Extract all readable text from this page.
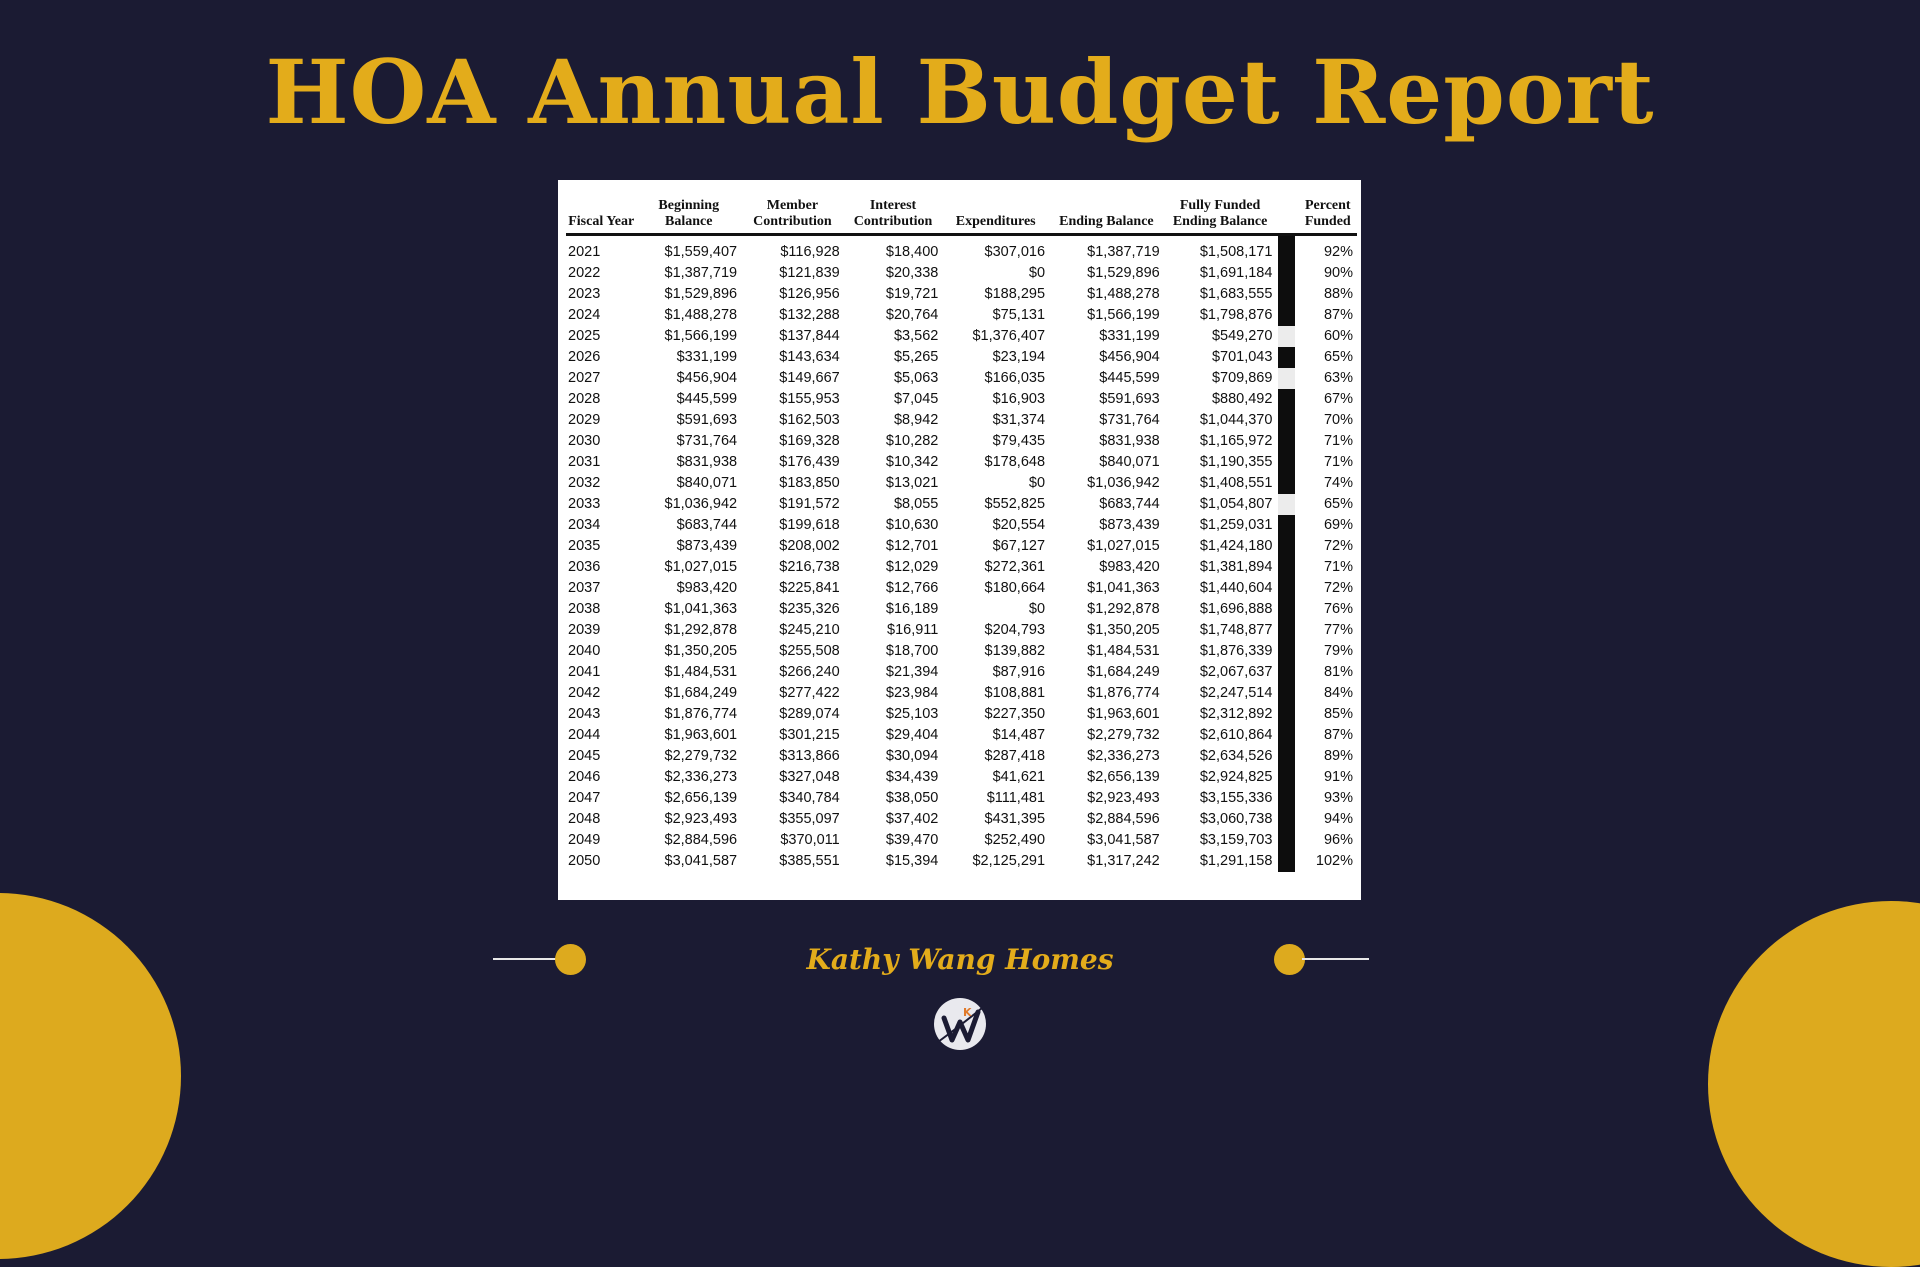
HOA Annual Budget Report
Fiscal Year	Beginning Balance	Member Contribution	Interest Contribution	Expenditures	Ending Balance	Fully Funded Ending Balance		Percent Funded
2021	$1,559,407	$116,928	$18,400	$307,016	$1,387,719	$1,508,171		92%
2022	$1,387,719	$121,839	$20,338	$0	$1,529,896	$1,691,184		90%
2023	$1,529,896	$126,956	$19,721	$188,295	$1,488,278	$1,683,555		88%
2024	$1,488,278	$132,288	$20,764	$75,131	$1,566,199	$1,798,876		87%
2025	$1,566,199	$137,844	$3,562	$1,376,407	$331,199	$549,270		60%
2026	$331,199	$143,634	$5,265	$23,194	$456,904	$701,043		65%
2027	$456,904	$149,667	$5,063	$166,035	$445,599	$709,869		63%
2028	$445,599	$155,953	$7,045	$16,903	$591,693	$880,492		67%
2029	$591,693	$162,503	$8,942	$31,374	$731,764	$1,044,370		70%
2030	$731,764	$169,328	$10,282	$79,435	$831,938	$1,165,972		71%
2031	$831,938	$176,439	$10,342	$178,648	$840,071	$1,190,355		71%
2032	$840,071	$183,850	$13,021	$0	$1,036,942	$1,408,551		74%
2033	$1,036,942	$191,572	$8,055	$552,825	$683,744	$1,054,807		65%
2034	$683,744	$199,618	$10,630	$20,554	$873,439	$1,259,031		69%
2035	$873,439	$208,002	$12,701	$67,127	$1,027,015	$1,424,180		72%
2036	$1,027,015	$216,738	$12,029	$272,361	$983,420	$1,381,894		71%
2037	$983,420	$225,841	$12,766	$180,664	$1,041,363	$1,440,604		72%
2038	$1,041,363	$235,326	$16,189	$0	$1,292,878	$1,696,888		76%
2039	$1,292,878	$245,210	$16,911	$204,793	$1,350,205	$1,748,877		77%
2040	$1,350,205	$255,508	$18,700	$139,882	$1,484,531	$1,876,339		79%
2041	$1,484,531	$266,240	$21,394	$87,916	$1,684,249	$2,067,637		81%
2042	$1,684,249	$277,422	$23,984	$108,881	$1,876,774	$2,247,514		84%
2043	$1,876,774	$289,074	$25,103	$227,350	$1,963,601	$2,312,892		85%
2044	$1,963,601	$301,215	$29,404	$14,487	$2,279,732	$2,610,864		87%
2045	$2,279,732	$313,866	$30,094	$287,418	$2,336,273	$2,634,526		89%
2046	$2,336,273	$327,048	$34,439	$41,621	$2,656,139	$2,924,825		91%
2047	$2,656,139	$340,784	$38,050	$111,481	$2,923,493	$3,155,336		93%
2048	$2,923,493	$355,097	$37,402	$431,395	$2,884,596	$3,060,738		94%
2049	$2,884,596	$370,011	$39,470	$252,490	$3,041,587	$3,159,703		96%
2050	$3,041,587	$385,551	$15,394	$2,125,291	$1,317,242	$1,291,158		102%
Kathy Wang Homes
K
